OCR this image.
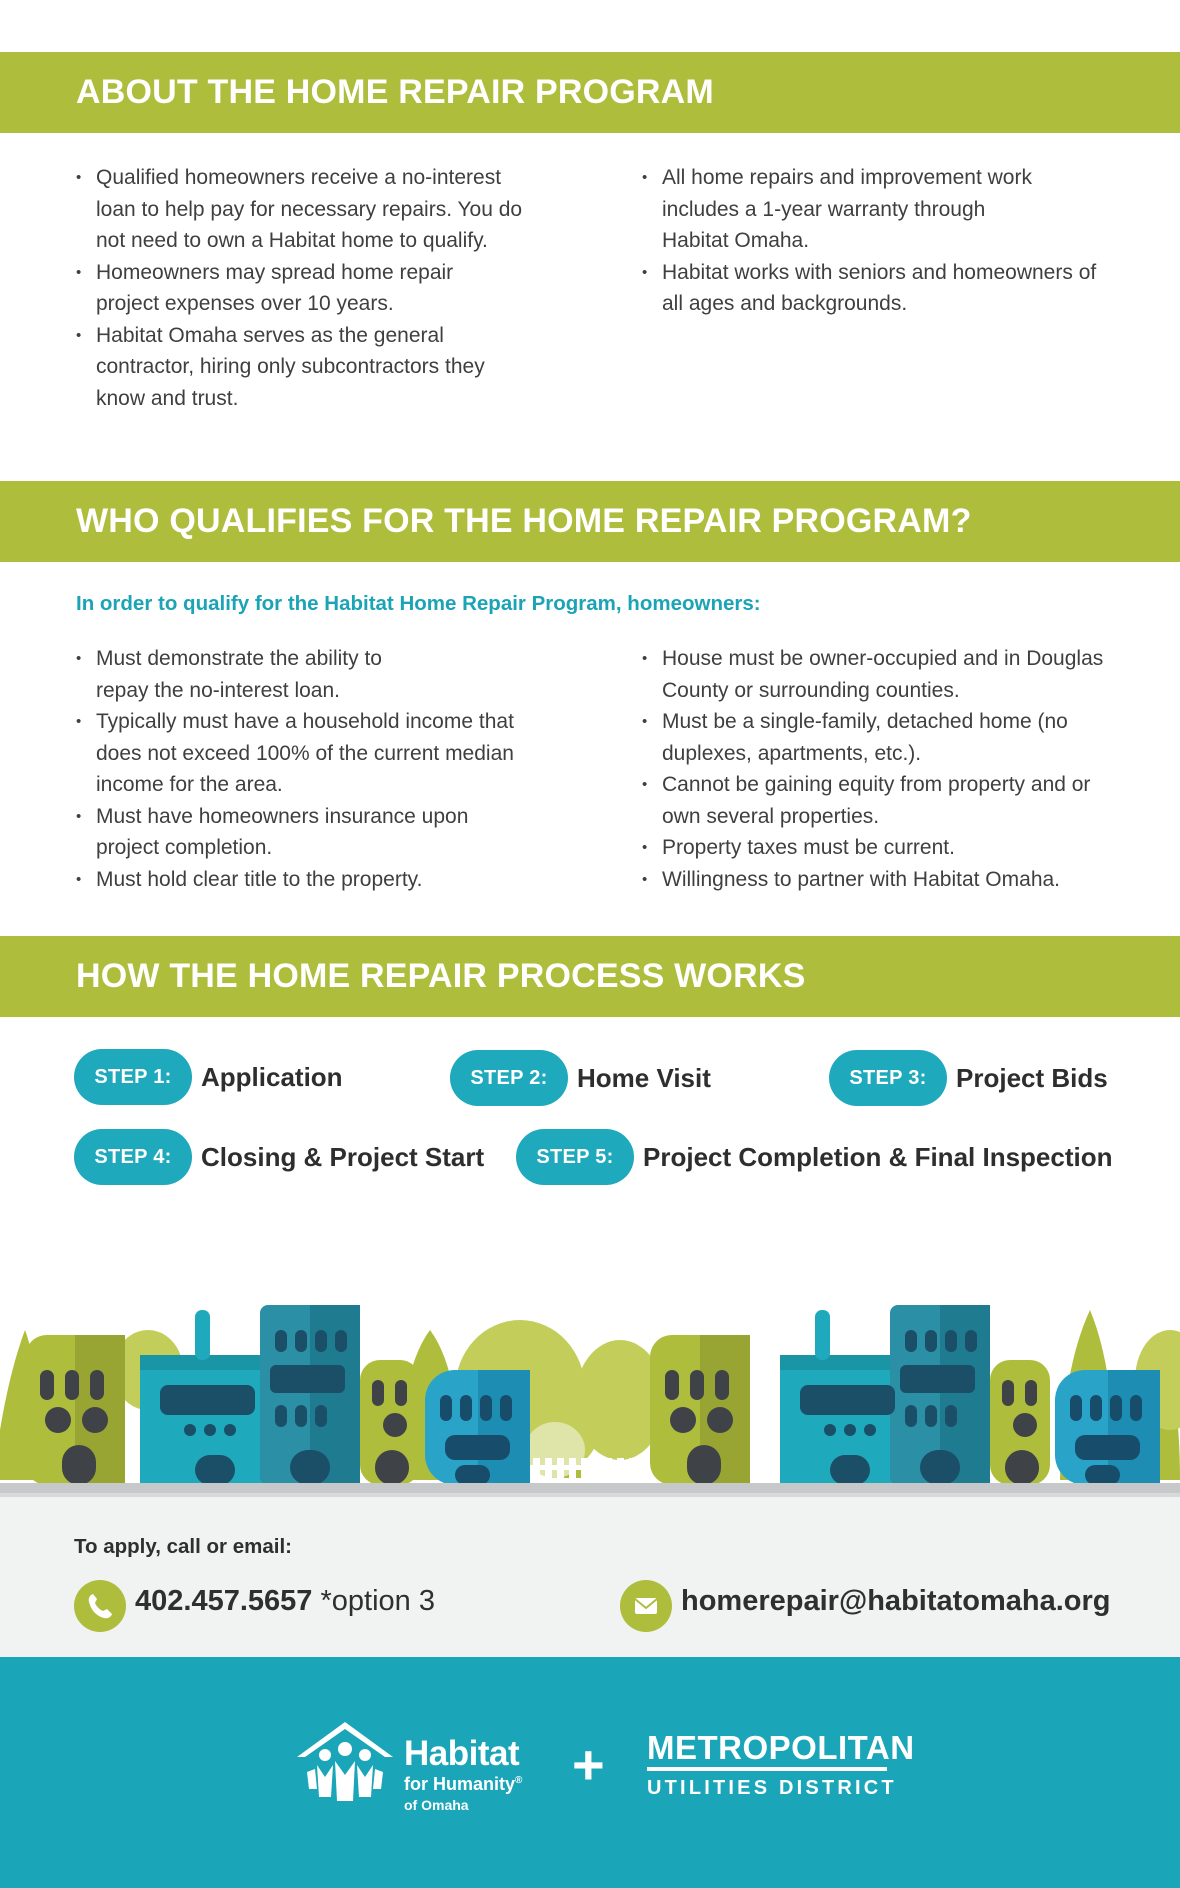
ABOUT THE HOME REPAIR PROGRAM
• Qualified homeowners receive a no-interest loan to help pay for necessary repairs. You do not need to own a Habitat home to qualify.
• Homeowners may spread home repair project expenses over 10 years.
• Habitat Omaha serves as the general contractor, hiring only subcontractors they know and trust.
• All home repairs and improvement work includes a 1-year warranty through Habitat Omaha.
• Habitat works with seniors and homeowners of all ages and backgrounds.
WHO QUALIFIES FOR THE HOME REPAIR PROGRAM?
In order to qualify for the Habitat Home Repair Program, homeowners:
• Must demonstrate the ability to repay the no-interest loan.
• Typically must have a household income that does not exceed 100% of the current median income for the area.
• Must have homeowners insurance upon project completion.
• Must hold clear title to the property.
• House must be owner-occupied and in Douglas County or surrounding counties.
• Must be a single-family, detached home (no duplexes, apartments, etc.).
• Cannot be gaining equity from property and or own several properties.
• Property taxes must be current.
• Willingness to partner with Habitat Omaha.
HOW THE HOME REPAIR PROCESS WORKS
STEP 1:	Application	STEP 2:	Home Visit	STEP 3:	Project Bids
STEP 4:	Closing & Project Start	STEP 5:	Project Completion & Final Inspection
To apply, call or email:
402.457.5657 *option 3	homerepair@habitatomaha.org
Habitat
for Humanity®
of Omaha
+ METROPOLITAN
UTILITIES DISTRICT
